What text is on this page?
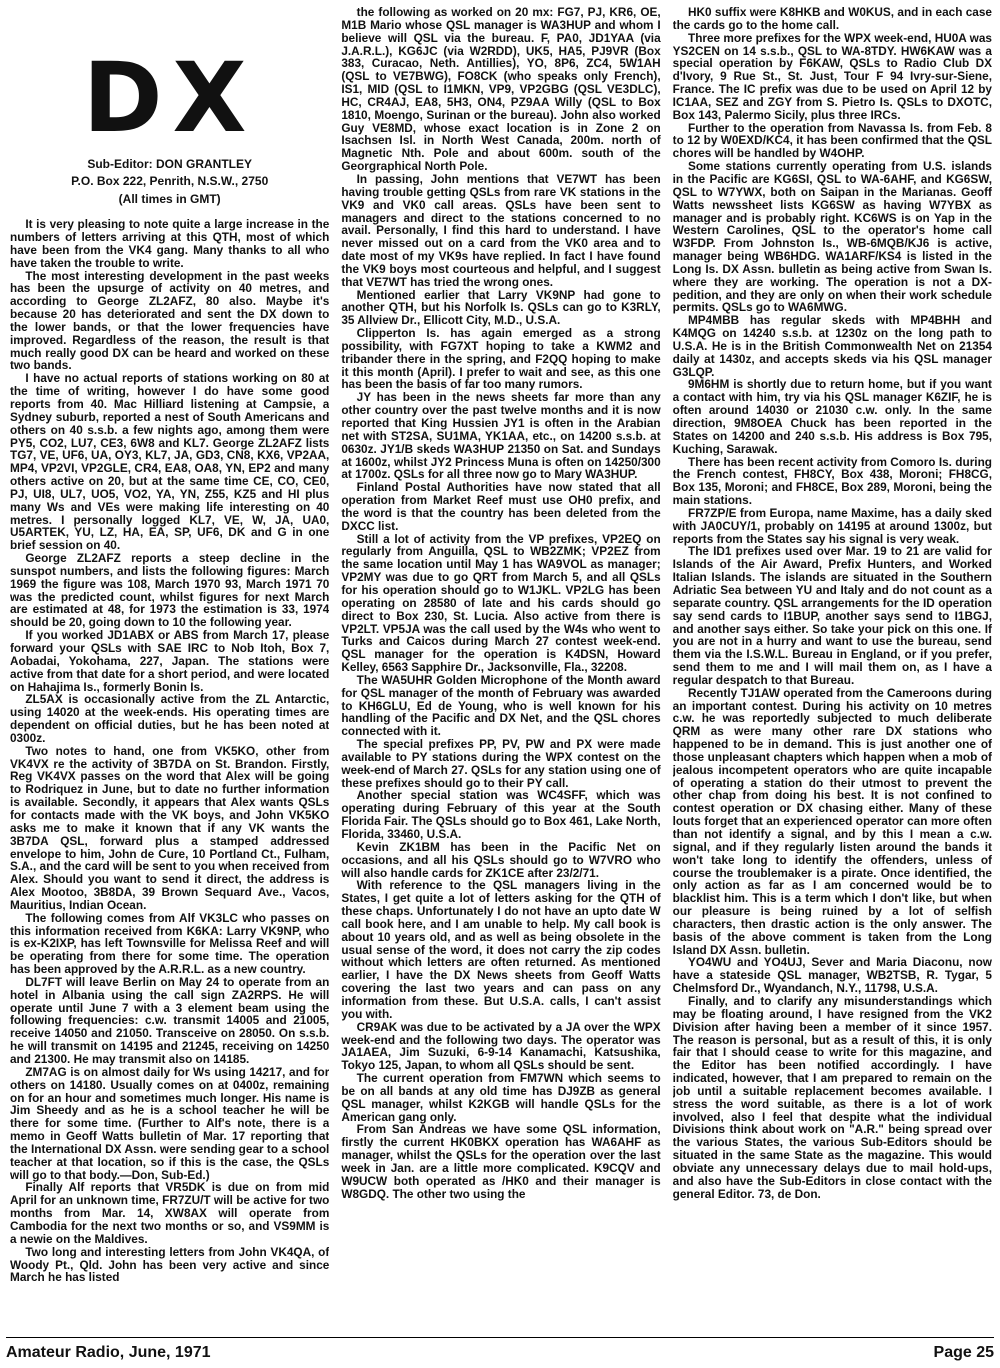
DX
Sub-Editor: DON GRANTLEY
P.O. Box 222, Penrith, N.S.W., 2750
(All times in GMT)

It is very pleasing to note quite a large increase in the numbers of letters arriving at this QTH, most of which have been from the VK4 gang. Many thanks to all who have taken the trouble to write.

The most interesting development in the past weeks has been the upsurge of activity on 40 metres, and according to George ZL2AFZ, 80 also. Maybe it's because 20 has deteriorated and sent the DX down to the lower bands, or that the lower frequencies have improved. Regardless of the reason, the result is that much really good DX can be heard and worked on these two bands.

I have no actual reports of stations working on 80 at the time of writing, however I do have some good reports from 40. Mac Hilliard listening at Campsie, a Sydney suburb, reported a nest of South Americans and others on 40 s.s.b. a few nights ago, among them were PY5, CO2, LU7, CE3, 6W8 and KL7. George ZL2AFZ lists TG7, VE, UF6, UA, OY3, KL7, JA, GD3, CN8, KX6, VP2AA, MP4, VP2VI, VP2GLE, CR4, EA8, OA8, YN, EP2 and many others active on 20, but at the same time CE, CO, CE0, PJ, UI8, UL7, UO5, VO2, YA, YN, Z55, KZ5 and HI plus many Ws and VEs were making life interesting on 40 metres. I personally logged KL7, VE, W, JA, UA0, U5ARTEK, YU, LZ, HA, EA, SP, UF6, DK and G in one brief session on 40.

George ZL2AFZ reports a steep decline in the sunspot numbers, and lists the following figures: March 1969 the figure was 108, March 1970 93, March 1971 70 was the predicted count, whilst figures for next March are estimated at 48, for 1973 the estimation is 33, 1974 should be 20, going down to 10 the following year.

If you worked JD1ABX or ABS from March 17, please forward your QSLs with SAE IRC to Nob Itoh, Box 7, Aobadai, Yokohama, 227, Japan. The stations were active from that date for a short period, and were located on Hahajima Is., formerly Bonin Is.

ZL5AX is occasionally active from the ZL Antarctic, using 14020 at the week-ends. His operating times are dependent on official duties, but he has been noted at 0300z.

Two notes to hand, one from VK5KO, other from VK4VX re the activity of 3B7DA on St. Brandon. Firstly, Reg VK4VX passes on the word that Alex will be going to Rodriquez in June, but to date no further information is available. Secondly, it appears that Alex wants QSLs for contacts made with the VK boys, and John VK5KO asks me to make it known that if any VK wants the 3B7DA QSL, forward plus a stamped addressed envelope to him, John de Cure, 10 Portland Ct., Fulham, S.A., and the card will be sent to you when received from Alex. Should you want to send it direct, the address is Alex Mootoo, 3B8DA, 39 Brown Sequard Ave., Vacos, Mauritius, Indian Ocean.

The following comes from Alf VK3LC who passes on this information received from K6KA: Larry VK9NP, who is ex-K2IXP, has left Townsville for Melissa Reef and will be operating from there for some time. The operation has been approved by the A.R.R.L. as a new country.

DL7FT will leave Berlin on May 24 to operate from an hotel in Albania using the call sign ZA2RPS. He will operate until June 7 with a 3 element beam using the following frequencies: c.w. transmit 14005 and 21005, receive 14050 and 21050. Transceive on 28050. On s.s.b. he will transmit on 14195 and 21245, receiving on 14250 and 21300. He may transmit also on 14185.

ZM7AG is on almost daily for Ws using 14217, and for others on 14180. Usually comes on at 0400z, remaining on for an hour and sometimes much longer. His name is Jim Sheedy and as he is a school teacher he will be there for some time. (Further to Alf's note, there is a memo in Geoff Watts bulletin of Mar. 17 reporting that the International DX Assn. were sending gear to a school teacher at that location, so if this is the case, the QSLs will go to that body.—Don, Sub-Ed.)

Finally Alf reports that VR5DK is due on from mid April for an unknown time, FR7ZU/T will be active for two months from Mar. 14, XW8AX will operate from Cambodia for the next two months or so, and VS9MM is a newie on the Maldives.

Two long and interesting letters from John VK4QA, of Woody Pt., Qld. John has been very active and since March he has listed

the following as worked on 20 mx: FG7, PJ, KR6, OE, M1B Mario whose QSL manager is WA3HUP and whom I believe will QSL via the bureau. F, PA0, JD1YAA (via J.A.R.L.), KG6JC (via W2RDD), UK5, HA5, PJ9VR (Box 383, Curacao, Neth. Antillies), YO, 8P6, ZC4, 5W1AH (QSL to VE7BWG), FO8CK (who speaks only French), IS1, MID (QSL to I1MKN, VP9, VP2GBG (QSL VE3DLC), HC, CR4AJ, EA8, 5H3, ON4, PZ9AA Willy (QSL to Box 1810, Moengo, Surinan or the bureau). John also worked Guy VE8MD, whose exact location is in Zone 2 on Isachsen Isl. in North West Canada, 200m. north of Magnetic Nth. Pole and about 600m. south of the Georgraphical North Pole.

In passing, John mentions that VE7WT has been having trouble getting QSLs from rare VK stations in the VK9 and VK0 call areas. QSLs have been sent to managers and direct to the stations concerned to no avail. Personally, I find this hard to understand. I have never missed out on a card from the VK0 area and to date most of my VK9s have replied. In fact I have found the VK9 boys most courteous and helpful, and I suggest that VE7WT has tried the wrong ones.

Mentioned earlier that Larry VK9NP had gone to another QTH, but his Norfolk Is. QSLs can go to K3RLY, 35 Allview Dr., Ellicott City, M.D., U.S.A.

Clipperton Is. has again emerged as a strong possibility, with FG7XT hoping to take a KWM2 and tribander there in the spring, and F2QQ hoping to make it this month (April). I prefer to wait and see, as this one has been the basis of far too many rumors.

JY has been in the news sheets far more than any other country over the past twelve months and it is now reported that King Hussien JY1 is often in the Arabian net with ST2SA, SU1MA, YK1AA, etc., on 14200 s.s.b. at 0630z. JY1/B skeds WA3HUP 21350 on Sat. and Sundays at 1600z, whilst JY2 Princess Muna is often on 14250/300 at 1700z. QSLs for all three now go to Mary WA3HUP.

Finland Postal Authorities have now stated that all operation from Market Reef must use OH0 prefix, and the word is that the country has been deleted from the DXCC list.

Still a lot of activity from the VP prefixes, VP2EQ on regularly from Anguilla, QSL to WB2ZMK; VP2EZ from the same location until May 1 has WA9VOL as manager; VP2MY was due to go QRT from March 5, and all QSLs for his operation should go to W1JKL. VP2LG has been operating on 28580 of late and his cards should go direct to Box 230, St. Lucia. Also active from there is VP2LT. VP5JA was the call used by the W4s who went to Turks and Caicos during March 27 contest week-end. QSL manager for the operation is K4DSN, Howard Kelley, 6563 Sapphire Dr., Jacksonville, Fla., 32208.

The WA5UHR Golden Microphone of the Month award for QSL manager of the month of February was awarded to KH6GLU, Ed de Young, who is well known for his handling of the Pacific and DX Net, and the QSL chores connected with it.

The special prefixes PP, PV, PW and PX were made available to PY stations during the WPX contest on the week-end of March 27. QSLs for any station using one of these prefixes should go to their PY call.

Another special station was WC4SFF, which was operating during February of this year at the South Florida Fair. The QSLs should go to Box 461, Lake North, Florida, 33460, U.S.A.

Kevin ZK1BM has been in the Pacific Net on occasions, and all his QSLs should go to W7VRO who will also handle cards for ZK1CE after 23/2/71.

With reference to the QSL managers living in the States, I get quite a lot of letters asking for the QTH of these chaps. Unfortunately I do not have an upto date W call book here, and I am unable to help. My call book is about 10 years old, and as well as being obsolete in the usual sense of the word, it does not carry the zip codes without which letters are often returned. As mentioned earlier, I have the DX News sheets from Geoff Watts covering the last two years and can pass on any information from these. But U.S.A. calls, I can't assist you with.

CR9AK was due to be activated by a JA over the WPX week-end and the following two days. The operator was JA1AEA, Jim Suzuki, 6-9-14 Kanamachi, Katsushika, Tokyo 125, Japan, to whom all QSLs should be sent.

The current operation from FM7WN which seems to be on all bands at any old time has DJ9ZB as general QSL manager, whilst K2KGB will handle QSLs for the American gang only.

From San Andreas we have some QSL information, firstly the current HK0BKX operation has WA6AHF as manager, whilst the QSLs for the operation over the last week in Jan. are a little more complicated. K9CQV and W9UCW both operated as /HK0 and their manager is W8GDQ. The other two using the

HK0 suffix were K8HKB and W0KUS, and in each case the cards go to the home call.

Three more prefixes for the WPX week-end, HU0A was YS2CEN on 14 s.s.b., QSL to WA-8TDY. HW6KAW was a special operation by F6KAW, QSLs to Radio Club DX d'Ivory, 9 Rue St., St. Just, Tour F 94 Ivry-sur-Siene, France. The IC prefix was due to be used on April 12 by IC1AA, SEZ and ZGY from S. Pietro Is. QSLs to DXOTC, Box 143, Palermo Sicily, plus three IRCs.

Further to the operation from Navassa Is. from Feb. 8 to 12 by W0EXD/KC4, it has been confirmed that the QSL chores will be handled by W4OHP.

Some stations currently operating from U.S. islands in the Pacific are KG6SI, QSL to WA-6AHF, and KG6SW, QSL to W7YWX, both on Saipan in the Marianas. Geoff Watts newssheet lists KG6SW as having W7YBX as manager and is probably right. KC6WS is on Yap in the Western Carolines, QSL to the operator's home call W3FDP. From Johnston Is., WB-6MQB/KJ6 is active, manager being WB6HDG. WA1ARF/KS4 is listed in the Long Is. DX Assn. bulletin as being active from Swan Is. where they are working. The operation is not a DX-pedition, and they are only on when their work schedule permits. QSLs go to WA6MWG.

MP4MBB has regular skeds with MP4BHH and K4MQG on 14240 s.s.b. at 1230z on the long path to U.S.A. He is in the British Commonwealth Net on 21354 daily at 1430z, and accepts skeds via his QSL manager G3LQP.

9M6HM is shortly due to return home, but if you want a contact with him, try via his QSL manager K6ZIF, he is often around 14030 or 21030 c.w. only. In the same direction, 9M8OEA Chuck has been reported in the States on 14200 and 240 s.s.b. His address is Box 795, Kuching, Sarawak.

There has been recent activity from Comoro Is. during the French contest, FH8CY, Box 438, Moroni; FH8CG, Box 135, Moroni; and FH8CE, Box 289, Moroni, being the main stations.

FR7ZP/E from Europa, name Maxime, has a daily sked with JA0CUY/1, probably on 14195 at around 1300z, but reports from the States say his signal is very weak.

The ID1 prefixes used over Mar. 19 to 21 are valid for Islands of the Air Award, Prefix Hunters, and Worked Italian Islands. The islands are situated in the Southern Adriatic Sea between YU and Italy and do not count as a separate country. QSL arrangements for the ID operation say send cards to I1BUP, another says send to I1BGJ, and another says either. So take your pick on this one. If you are not in a hurry and want to use the bureau, send them via the I.S.W.L. Bureau in England, or if you prefer, send them to me and I will mail them on, as I have a regular despatch to that Bureau.

Recently TJ1AW operated from the Cameroons during an important contest. During his activity on 10 metres c.w. he was reportedly subjected to much deliberate QRM as were many other rare DX stations who happened to be in demand. This is just another one of those unpleasant chapters which happen when a mob of jealous incompetent operators who are quite incapable of operating a station do their utmost to prevent the other chap from doing his best. It is not confined to contest operation or DX chasing either. Many of these louts forget that an experienced operator can more often than not identify a signal, and by this I mean a c.w. signal, and if they regularly listen around the bands it won't take long to identify the offenders, unless of course the troublemaker is a pirate. Once identified, the only action as far as I am concerned would be to blacklist him. This is a term which I don't like, but when our pleasure is being ruined by a lot of selfish characters, then drastic action is the only answer. The basis of the above comment is taken from the Long Island DX Assn. bulletin.

YO4WU and YO4UJ, Sever and Maria Diaconu, now have a stateside QSL manager, WB2TSB, R. Tygar, 5 Chelmsford Dr., Wyandanch, N.Y., 11798, U.S.A.

Finally, and to clarify any misunderstandings which may be floating around, I have resigned from the VK2 Division after having been a member of it since 1957. The reason is personal, but as a result of this, it is only fair that I should cease to write for this magazine, and the Editor has been notified accordingly. I have indicated, however, that I am prepared to remain on the job until a suitable replacement becomes available. I stress the word suitable, as there is a lot of work involved, also I feel that despite what the individual Divisions think about work on "A.R." being spread over the various States, the various Sub-Editors should be situated in the same State as the magazine. This would obviate any unnecessary delays due to mail hold-ups, and also have the Sub-Editors in close contact with the general Editor. 73, de Don.

Amateur Radio, June, 1971	Page 25
